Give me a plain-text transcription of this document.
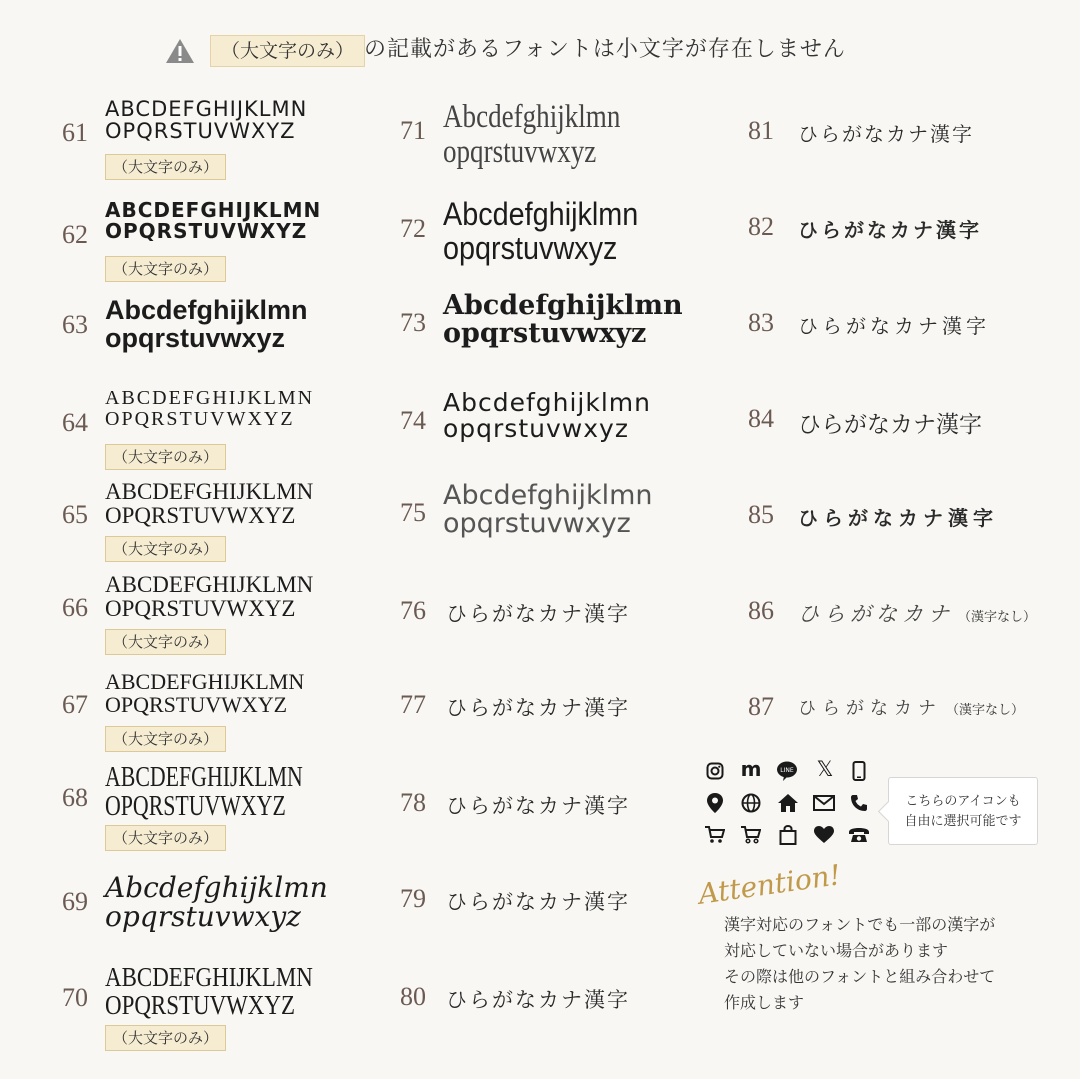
（大文字のみ） の記載があるフォントは小文字が存在しません
61
ABCDEFGHIJKLMN
OPQRSTUVWXYZ
（大文字のみ）
62
ABCDEFGHIJKLMN
OPQRSTUVWXYZ
（大文字のみ）
63 Abcdefghijklmn
opqrstuvwxyz
64
ABCDEFGHIJKLMN
OPQRSTUVWXYZ
（大文字のみ）
65
ABCDEFGHIJKLMN
OPQRSTUVWXYZ
（大文字のみ）
66
ABCDEFGHIJKLMN
OPQRSTUVWXYZ
（大文字のみ）
67
ABCDEFGHIJKLMN
OPQRSTUVWXYZ
（大文字のみ）
68
ABCDEFGHIJKLMN
OPQRSTUVWXYZ
（大文字のみ）
69 Abcdefghijklmn
opqrstuvwxyz
70
ABCDEFGHIJKLMN
OPQRSTUVWXYZ
（大文字のみ）
71 Abcdefghijklmn
opqrstuvwxyz
72 Abcdefghijklmn
opqrstuvwxyz
73
Abcdefghijklmn
opqrstuvwxyz
74
Abcdefghijklmn
opqrstuvwxyz
75
Abcdefghijklmn
opqrstuvwxyz
76 ひらがなカナ漢字
77 ひらがなカナ漢字
78 ひらがなカナ漢字
79 ひらがなカナ漢字
80 ひらがなカナ漢字
81 ひらがなカナ漢字
82 ひらがなカナ漢字
83 ひらがなカナ漢字
84 ひらがなカナ漢字
85 ひらがなカナ漢字
86 ひらがなカナ （漢字なし）
87 ひらがなカナ （漢字なし）
m	LINE 𝕏
こちらのアイコンも
自由に選択可能です
Attention!
漢字対応のフォントでも一部の漢字が
対応していない場合があります
その際は他のフォントと組み合わせて
作成します
